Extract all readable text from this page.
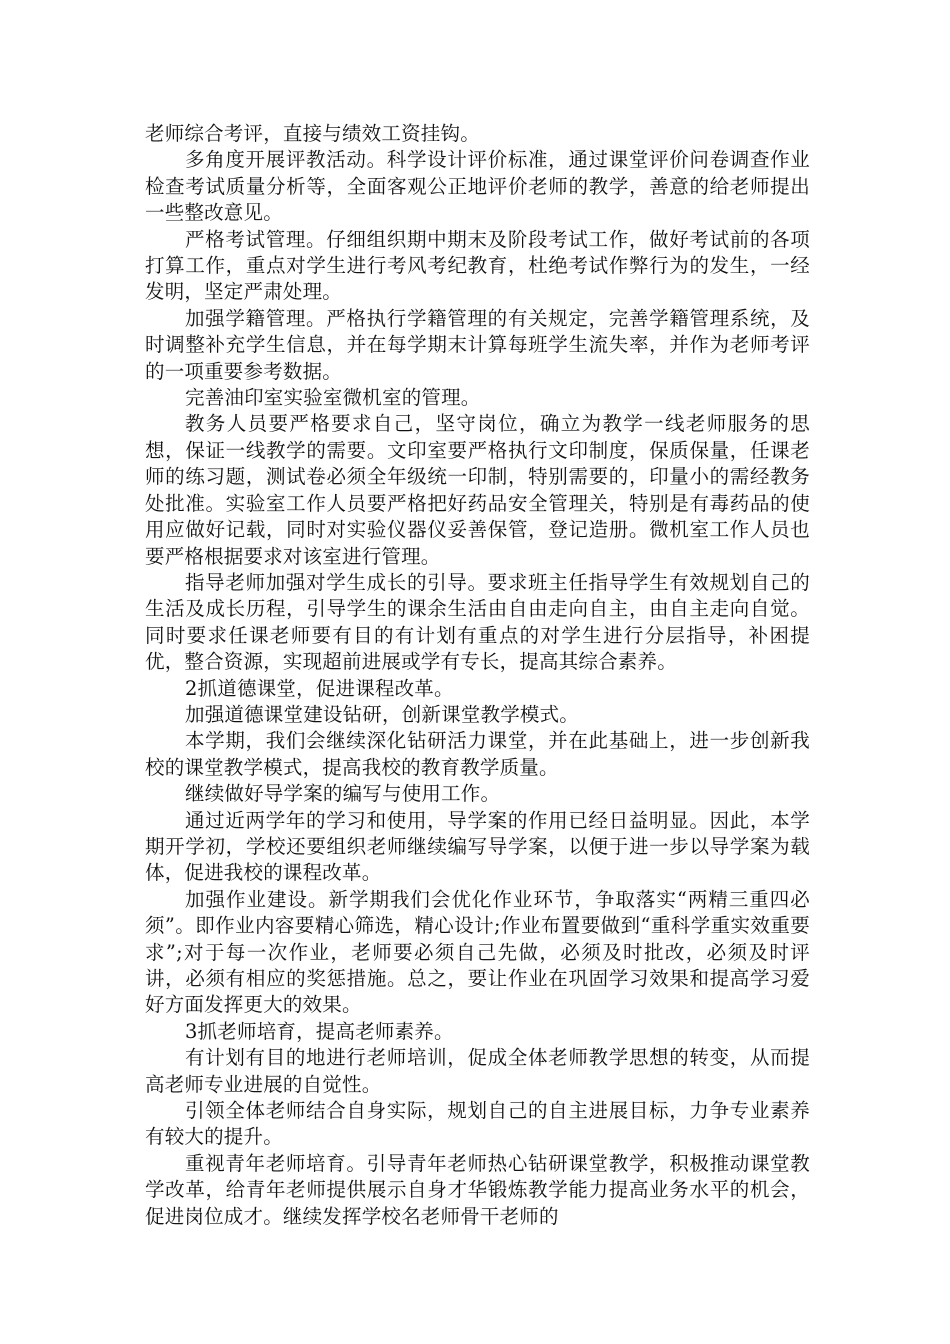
老师综合考评，直接与绩效工资挂钩。

多角度开展评教活动。科学设计评价标准，通过课堂评价问卷调查作业检查考试质量分析等，全面客观公正地评价老师的教学，善意的给老师提出一些整改意见。

严格考试管理。仔细组织期中期末及阶段考试工作，做好考试前的各项打算工作，重点对学生进行考风考纪教育，杜绝考试作弊行为的发生，一经发明，坚定严肃处理。

加强学籍管理。严格执行学籍管理的有关规定，完善学籍管理系统，及时调整补充学生信息，并在每学期末计算每班学生流失率，并作为老师考评的一项重要参考数据。

完善油印室实验室微机室的管理。

教务人员要严格要求自己，坚守岗位，确立为教学一线老师服务的思想，保证一线教学的需要。文印室要严格执行文印制度，保质保量，任课老师的练习题，测试卷必须全年级统一印制，特别需要的，印量小的需经教务处批准。实验室工作人员要严格把好药品安全管理关，特别是有毒药品的使用应做好记载，同时对实验仪器仪妥善保管，登记造册。微机室工作人员也要严格根据要求对该室进行管理。

指导老师加强对学生成长的引导。要求班主任指导学生有效规划自己的生活及成长历程，引导学生的课余生活由自由走向自主，由自主走向自觉。同时要求任课老师要有目的有计划有重点的对学生进行分层指导，补困提优，整合资源，实现超前进展或学有专长，提高其综合素养。

2抓道德课堂，促进课程改革。

加强道德课堂建设钻研，创新课堂教学模式。

本学期，我们会继续深化钻研活力课堂，并在此基础上，进一步创新我校的课堂教学模式，提高我校的教育教学质量。

继续做好导学案的编写与使用工作。

通过近两学年的学习和使用，导学案的作用已经日益明显。因此，本学期开学初，学校还要组织老师继续编写导学案，以便于进一步以导学案为载体，促进我校的课程改革。

加强作业建设。新学期我们会优化作业环节，争取落实“两精三重四必须”。即作业内容要精心筛选，精心设计;作业布置要做到“重科学重实效重要求”;对于每一次作业，老师要必须自己先做，必须及时批改，必须及时评讲，必须有相应的奖惩措施。总之，要让作业在巩固学习效果和提高学习爱好方面发挥更大的效果。

3抓老师培育，提高老师素养。

有计划有目的地进行老师培训，促成全体老师教学思想的转变，从而提高老师专业进展的自觉性。

引领全体老师结合自身实际，规划自己的自主进展目标，力争专业素养有较大的提升。

重视青年老师培育。引导青年老师热心钻研课堂教学，积极推动课堂教学改革，给青年老师提供展示自身才华锻炼教学能力提高业务水平的机会，促进岗位成才。继续发挥学校名老师骨干老师的
